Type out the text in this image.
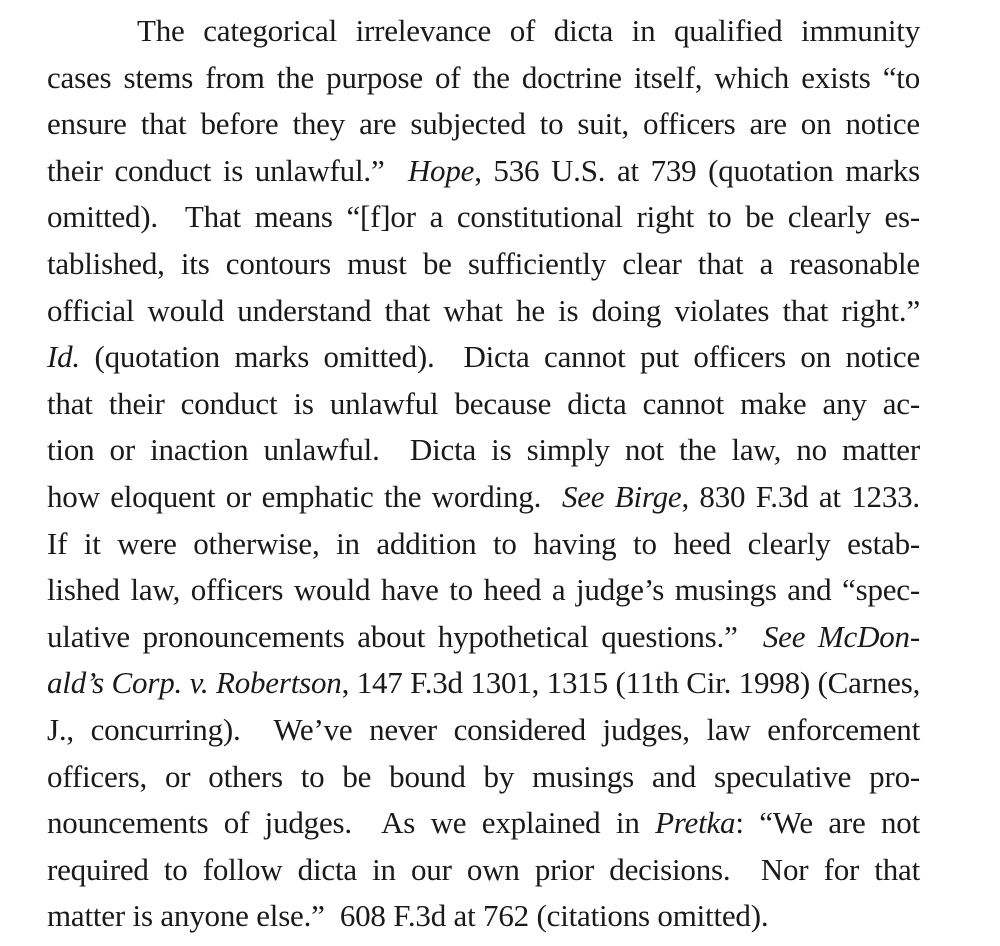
The categorical irrelevance of dicta in qualified immunity
cases stems from the purpose of the doctrine itself, which exists “to
ensure that before they are subjected to suit, officers are on notice
their conduct is unlawful.”  Hope, 536 U.S. at 739 (quotation marks
omitted).  That means “[f]or a constitutional right to be clearly es-
tablished, its contours must be sufficiently clear that a reasonable
official would understand that what he is doing violates that right.”
Id. (quotation marks omitted).  Dicta cannot put officers on notice
that their conduct is unlawful because dicta cannot make any ac-
tion or inaction unlawful.  Dicta is simply not the law, no matter
how eloquent or emphatic the wording.  See Birge, 830 F.3d at 1233.
If it were otherwise, in addition to having to heed clearly estab-
lished law, officers would have to heed a judge’s musings and “spec-
ulative pronouncements about hypothetical questions.”  See McDon-
ald’s Corp. v. Robertson, 147 F.3d 1301, 1315 (11th Cir. 1998) (Carnes,
J., concurring).  We’ve never considered judges, law enforcement
officers, or others to be bound by musings and speculative pro-
nouncements of judges.  As we explained in Pretka: “We are not
required to follow dicta in our own prior decisions.  Nor for that
matter is anyone else.”  608 F.3d at 762 (citations omitted).
